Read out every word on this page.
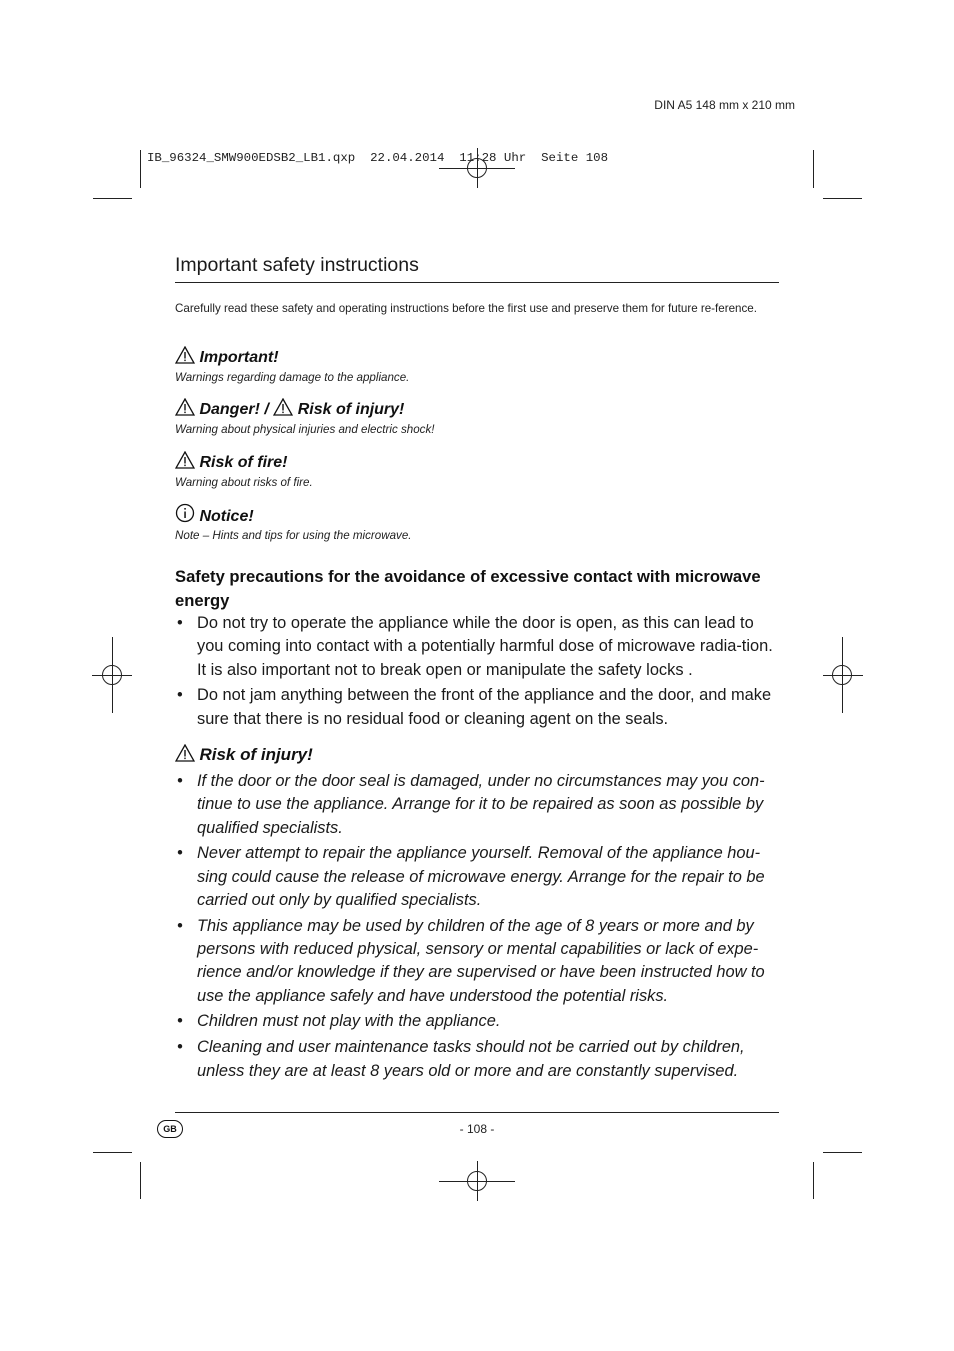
DIN A5 148 mm x 210 mm
IB_96324_SMW900EDSB2_LB1.qxp  22.04.2014  11:28 Uhr  Seite 108
Important safety instructions
Carefully read these safety and operating instructions before the first use and preserve them for future re-ference.
Important!
Warnings regarding damage to the appliance.
Danger! / Risk of injury!
Warning about physical injuries and electric shock!
Risk of fire!
Warning about risks of fire.
Notice!
Note – Hints and tips for using the microwave.
Safety precautions for the avoidance of excessive contact with microwave energy
• Do not try to operate the appliance while the door is open, as this can lead to you coming into contact with a potentially harmful dose of microwave radia-tion. It is also important not to break open or manipulate the safety locks .
• Do not jam anything between the front of the appliance and the door, and make sure that there is no residual food or cleaning agent on the seals.
Risk of injury!
• If the door or the door seal is damaged, under no circumstances may you con-tinue to use the appliance. Arrange for it to be repaired as soon as possible by qualified specialists.
• Never attempt to repair the appliance yourself. Removal of the appliance hou-sing could cause the release of microwave energy. Arrange for the repair to be carried out only by qualified specialists.
• This appliance may be used by children of the age of 8 years or more and by persons with reduced physical, sensory or mental capabilities or lack of expe-rience and/or knowledge if they are supervised or have been instructed how to use the appliance safely and have understood the potential risks.
• Children must not play with the appliance.
• Cleaning and user maintenance tasks should not be carried out by children, unless they are at least 8 years old or more and are constantly supervised.
GB	- 108 -
